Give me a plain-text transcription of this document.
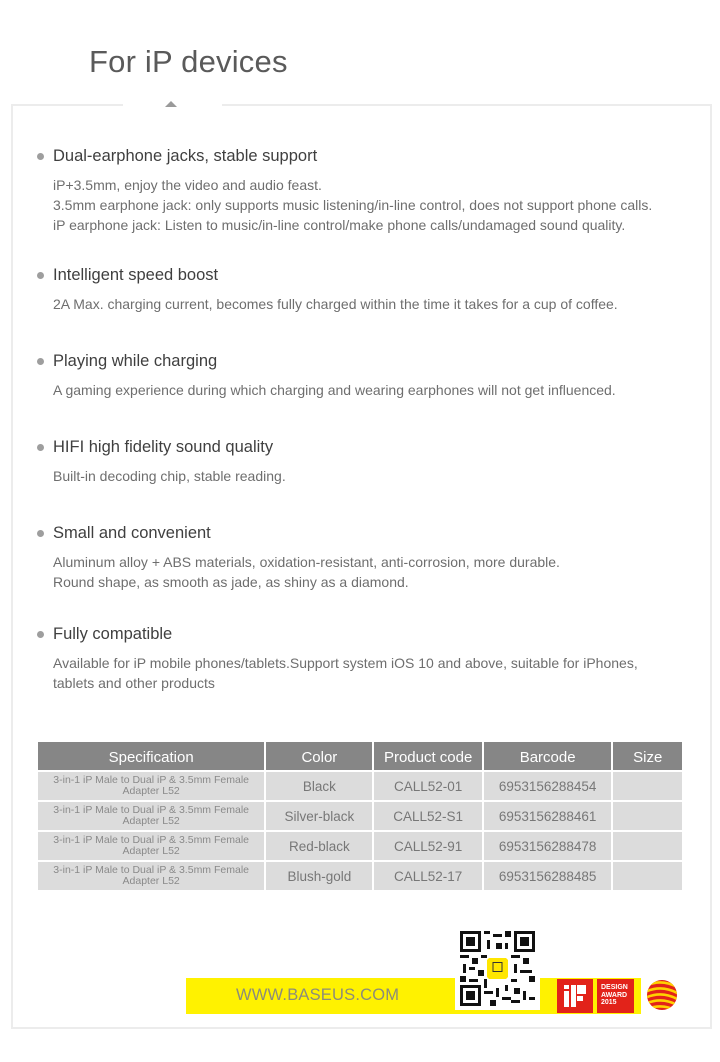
For iP devices
Dual-earphone jacks, stable support
iP+3.5mm, enjoy the video and audio feast.
3.5mm earphone jack: only supports music listening/in-line control, does not support phone calls.
iP earphone jack: Listen to music/in-line control/make phone calls/undamaged sound quality.
Intelligent speed boost
2A Max. charging current, becomes fully charged within the time it takes for a cup of coffee.
Playing while charging
A gaming experience during which charging and wearing earphones will not get influenced.
HIFI high fidelity sound quality
Built-in decoding chip, stable reading.
Small and convenient
Aluminum alloy + ABS materials, oxidation-resistant, anti-corrosion, more durable.
Round shape, as smooth as jade, as shiny as a diamond.
Fully compatible
Available for iP mobile phones/tablets.Support system iOS 10 and above, suitable for iPhones,
tablets and other products
Specification	Color	Product code	Barcode	Size
3-in-1 iP Male to Dual iP & 3.5mm Female
Adapter L52	Black	CALL52-01	6953156288454	
3-in-1 iP Male to Dual iP & 3.5mm Female
Adapter L52	Silver-black	CALL52-S1	6953156288461	
3-in-1 iP Male to Dual iP & 3.5mm Female
Adapter L52	Red-black	CALL52-91	6953156288478	
3-in-1 iP Male to Dual iP & 3.5mm Female
Adapter L52	Blush-gold	CALL52-17	6953156288485	
WWW.BASEUS.COM	DESIGN
AWARD
2015
